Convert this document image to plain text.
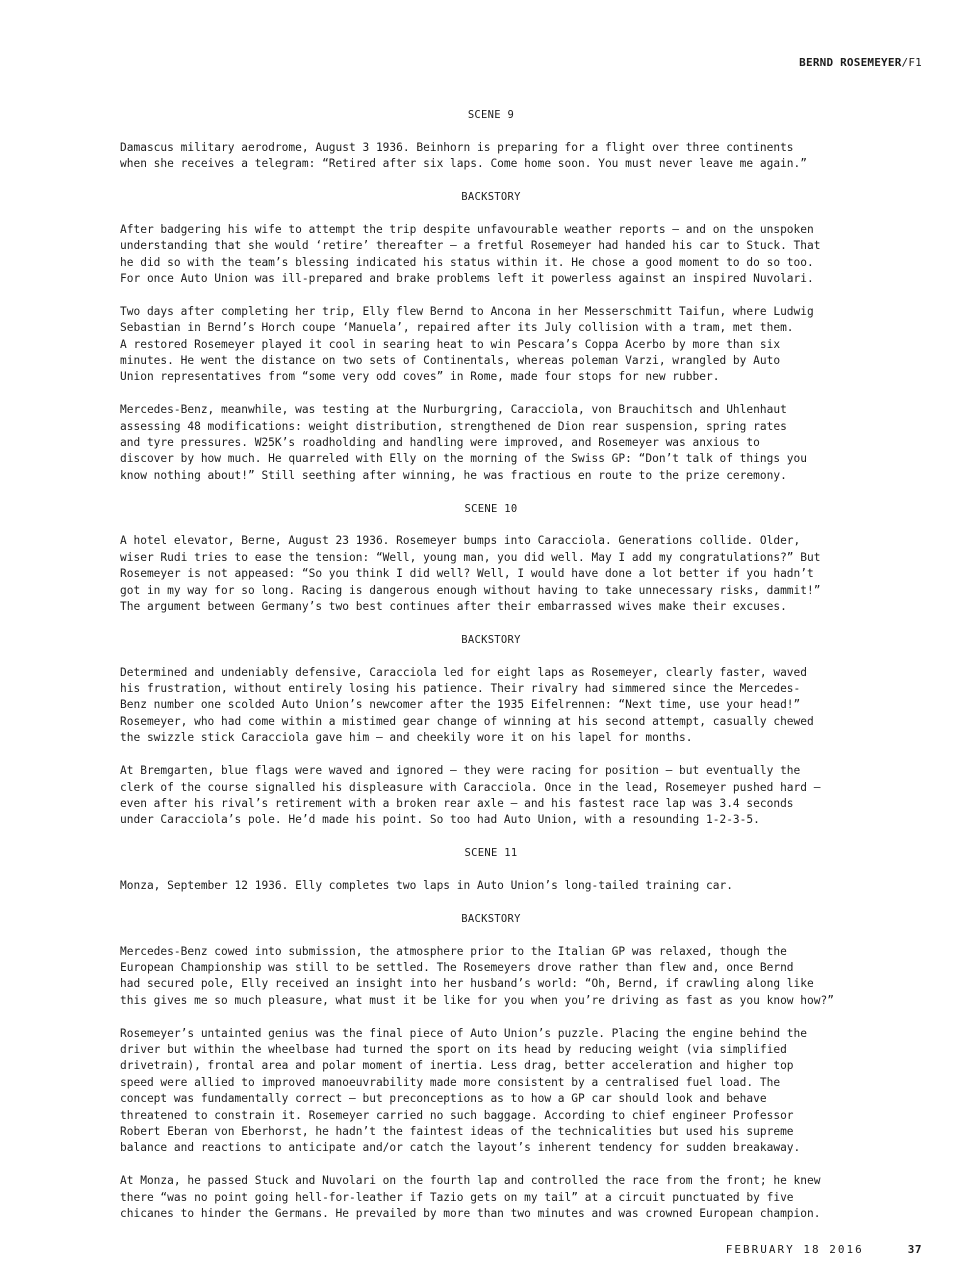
BERND ROSEMEYER/F1
SCENE 9
Damascus military aerodrome, August 3 1936. Beinhorn is preparing for a flight over three continents
when she receives a telegram: “Retired after six laps. Come home soon. You must never leave me again.”
BACKSTORY
After badgering his wife to attempt the trip despite unfavourable weather reports — and on the unspoken
understanding that she would ‘retire’ thereafter — a fretful Rosemeyer had handed his car to Stuck. That
he did so with the team’s blessing indicated his status within it. He chose a good moment to do so too.
For once Auto Union was ill-prepared and brake problems left it powerless against an inspired Nuvolari.
Two days after completing her trip, Elly flew Bernd to Ancona in her Messerschmitt Taifun, where Ludwig
Sebastian in Bernd’s Horch coupe ‘Manuela’, repaired after its July collision with a tram, met them.
A restored Rosemeyer played it cool in searing heat to win Pescara’s Coppa Acerbo by more than six
minutes. He went the distance on two sets of Continentals, whereas poleman Varzi, wrangled by Auto
Union representatives from “some very odd coves” in Rome, made four stops for new rubber.
Mercedes-Benz, meanwhile, was testing at the Nurburgring, Caracciola, von Brauchitsch and Uhlenhaut
assessing 48 modifications: weight distribution, strengthened de Dion rear suspension, spring rates
and tyre pressures. W25K’s roadholding and handling were improved, and Rosemeyer was anxious to
discover by how much. He quarreled with Elly on the morning of the Swiss GP: “Don’t talk of things you
know nothing about!” Still seething after winning, he was fractious en route to the prize ceremony.
SCENE 10
A hotel elevator, Berne, August 23 1936. Rosemeyer bumps into Caracciola. Generations collide. Older,
wiser Rudi tries to ease the tension: “Well, young man, you did well. May I add my congratulations?” But
Rosemeyer is not appeased: “So you think I did well? Well, I would have done a lot better if you hadn’t
got in my way for so long. Racing is dangerous enough without having to take unnecessary risks, dammit!”
The argument between Germany’s two best continues after their embarrassed wives make their excuses.
BACKSTORY
Determined and undeniably defensive, Caracciola led for eight laps as Rosemeyer, clearly faster, waved
his frustration, without entirely losing his patience. Their rivalry had simmered since the Mercedes-
Benz number one scolded Auto Union’s newcomer after the 1935 Eifelrennen: “Next time, use your head!”
Rosemeyer, who had come within a mistimed gear change of winning at his second attempt, casually chewed
the swizzle stick Caracciola gave him — and cheekily wore it on his lapel for months.
At Bremgarten, blue flags were waved and ignored — they were racing for position — but eventually the
clerk of the course signalled his displeasure with Caracciola. Once in the lead, Rosemeyer pushed hard —
even after his rival’s retirement with a broken rear axle — and his fastest race lap was 3.4 seconds
under Caracciola’s pole. He’d made his point. So too had Auto Union, with a resounding 1-2-3-5.
SCENE 11
Monza, September 12 1936. Elly completes two laps in Auto Union’s long-tailed training car.
BACKSTORY
Mercedes-Benz cowed into submission, the atmosphere prior to the Italian GP was relaxed, though the
European Championship was still to be settled. The Rosemeyers drove rather than flew and, once Bernd
had secured pole, Elly received an insight into her husband’s world: “Oh, Bernd, if crawling along like
this gives me so much pleasure, what must it be like for you when you’re driving as fast as you know how?”
Rosemeyer’s untainted genius was the final piece of Auto Union’s puzzle. Placing the engine behind the
driver but within the wheelbase had turned the sport on its head by reducing weight (via simplified
drivetrain), frontal area and polar moment of inertia. Less drag, better acceleration and higher top
speed were allied to improved manoeuvrability made more consistent by a centralised fuel load. The
concept was fundamentally correct — but preconceptions as to how a GP car should look and behave
threatened to constrain it. Rosemeyer carried no such baggage. According to chief engineer Professor
Robert Eberan von Eberhorst, he hadn’t the faintest ideas of the technicalities but used his supreme
balance and reactions to anticipate and/or catch the layout’s inherent tendency for sudden breakaway.
At Monza, he passed Stuck and Nuvolari on the fourth lap and controlled the race from the front; he knew
there “was no point going hell-for-leather if Tazio gets on my tail” at a circuit punctuated by five
chicanes to hinder the Germans. He prevailed by more than two minutes and was crowned European champion.
FEBRUARY 18 2016	37
